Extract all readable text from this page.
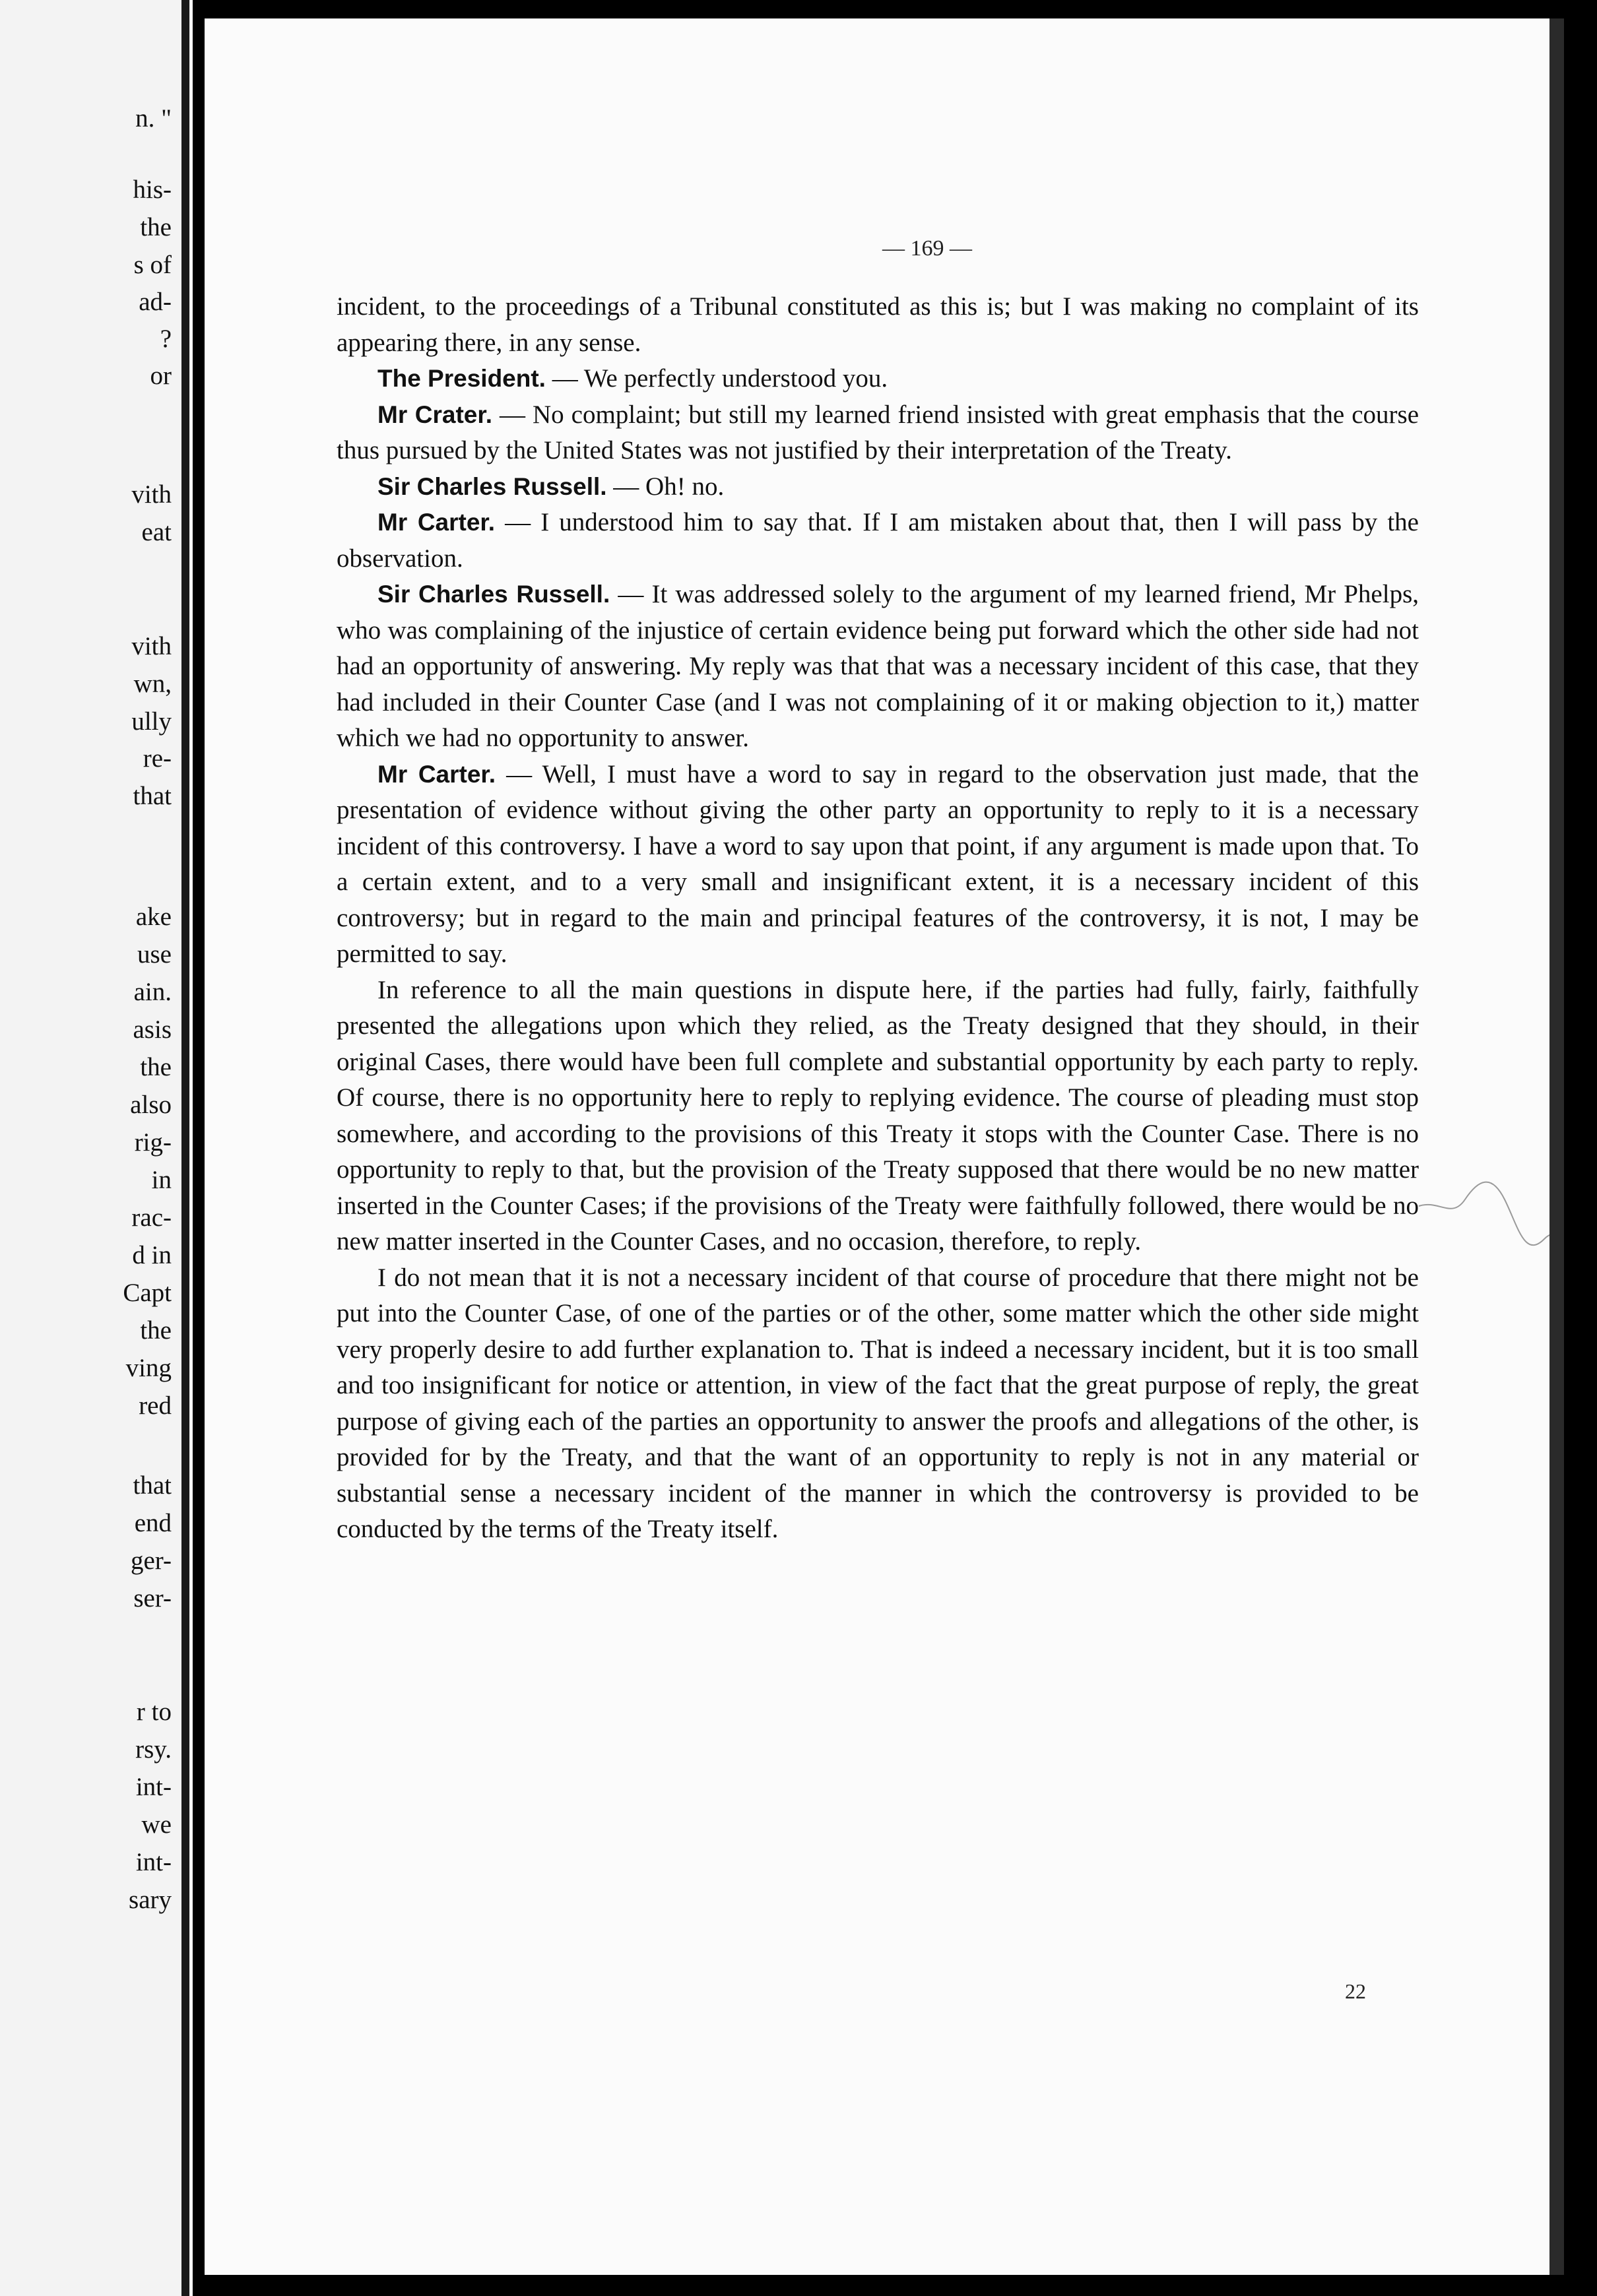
n. "
his-
the
s of
ad-
?
or
vith
eat
vith
wn,
ully
re-
that
ake
use
ain.
asis
the
also
rig-
in
rac-
d in
Capt
the
ving
red
that
end
ger-
ser-
r to
rsy.
int-
we
int-
sary
— 169 —

incident, to the proceedings of a Tribunal constituted as this is; but I was making no complaint of its appearing there, in any sense.

The President. — We perfectly understood you.

Mr Crater. — No complaint; but still my learned friend insisted with great emphasis that the course thus pursued by the United States was not justified by their interpretation of the Treaty.

Sir Charles Russell. — Oh! no.

Mr Carter. — I understood him to say that. If I am mistaken about that, then I will pass by the observation.

Sir Charles Russell. — It was addressed solely to the argument of my learned friend, Mr Phelps, who was complaining of the injustice of certain evidence being put forward which the other side had not had an opportunity of answering. My reply was that that was a necessary incident of this case, that they had included in their Counter Case (and I was not complaining of it or making objection to it,) matter which we had no opportunity to answer.

Mr Carter. — Well, I must have a word to say in regard to the observation just made, that the presentation of evidence without giving the other party an opportunity to reply to it is a necessary incident of this controversy. I have a word to say upon that point, if any argument is made upon that. To a certain extent, and to a very small and insignificant extent, it is a necessary incident of this controversy; but in regard to the main and principal features of the controversy, it is not, I may be permitted to say.

In reference to all the main questions in dispute here, if the parties had fully, fairly, faithfully presented the allegations upon which they relied, as the Treaty designed that they should, in their original Cases, there would have been full complete and substantial opportunity by each party to reply. Of course, there is no opportunity here to reply to replying evidence. The course of pleading must stop somewhere, and according to the provisions of this Treaty it stops with the Counter Case. There is no opportunity to reply to that, but the provision of the Treaty supposed that there would be no new matter inserted in the Counter Cases; if the provisions of the Treaty were faithfully followed, there would be no new matter inserted in the Counter Cases, and no occasion, therefore, to reply.

I do not mean that it is not a necessary incident of that course of procedure that there might not be put into the Counter Case, of one of the parties or of the other, some matter which the other side might very properly desire to add further explanation to. That is indeed a necessary incident, but it is too small and too insignificant for notice or attention, in view of the fact that the great purpose of reply, the great purpose of giving each of the parties an opportunity to answer the proofs and allegations of the other, is provided for by the Treaty, and that the want of an opportunity to reply is not in any material or substantial sense a necessary incident of the manner in which the controversy is provided to be conducted by the terms of the Treaty itself.

22
